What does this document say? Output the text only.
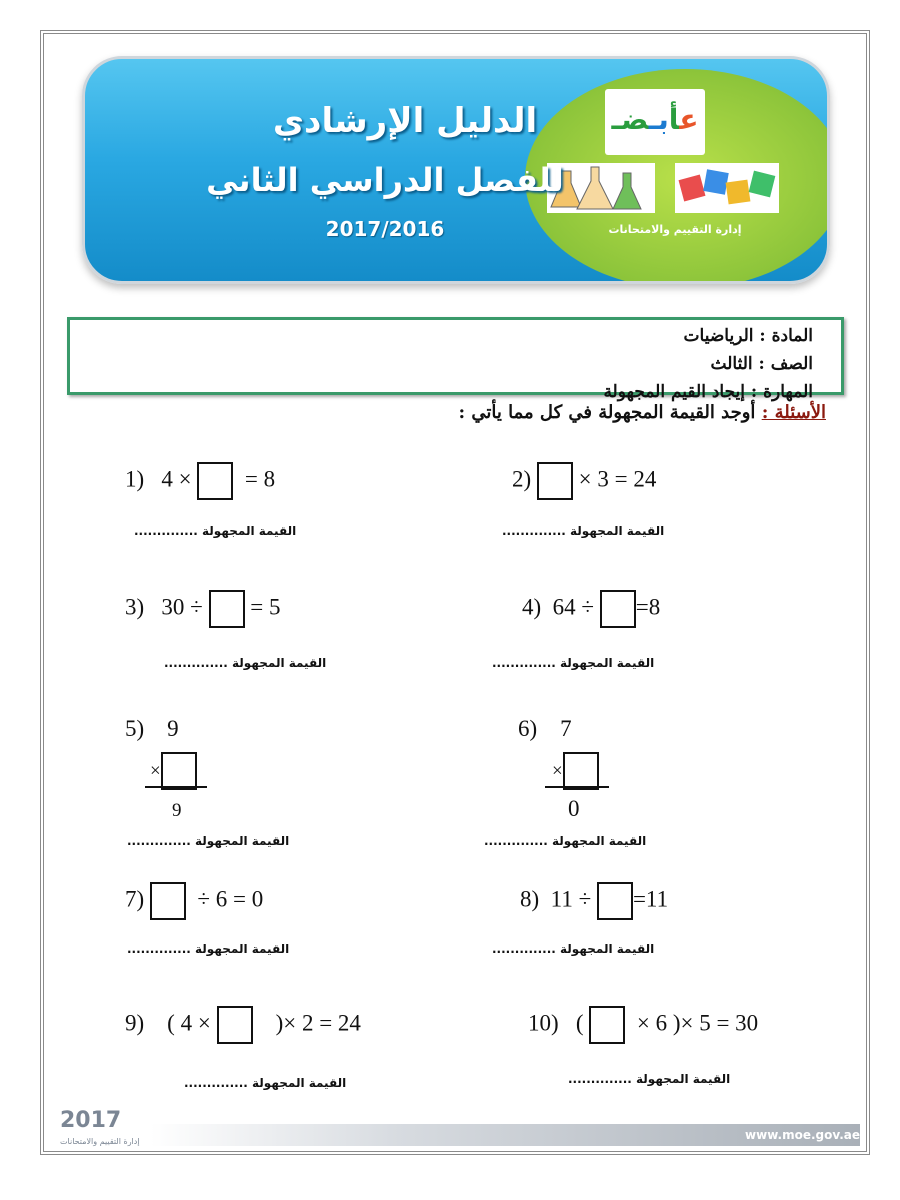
عأبـضـ
إدارة التقييم والامتحانات
الدليل الإرشادي
للفصل الدراسي الثاني
2017/2016
المادة : الرياضيات
الصف : الثالث
المهارة : إيجاد القيم المجهولة
الأسئلة : أوجد القيمة المجهولة في كل مما يأتي :
1) 4 × = 8
القيمة المجهولة ..............
2) × 3 = 24
القيمة المجهولة ..............
3) 30 ÷ = 5
القيمة المجهولة ..............
4) 64 ÷ =8
القيمة المجهولة ..............
5) 9
×
9
القيمة المجهولة ..............
6) 7
×
0
القيمة المجهولة ..............
7) ÷ 6 = 0
القيمة المجهولة ..............
8) 11 ÷ =11
القيمة المجهولة ..............
9) ( 4 ×	)× 2 = 24
القيمة المجهولة ..............
10) ( × 6 )× 5 = 30
القيمة المجهولة ..............
2017
إدارة التقييم والامتحانات	www.moe.gov.ae
